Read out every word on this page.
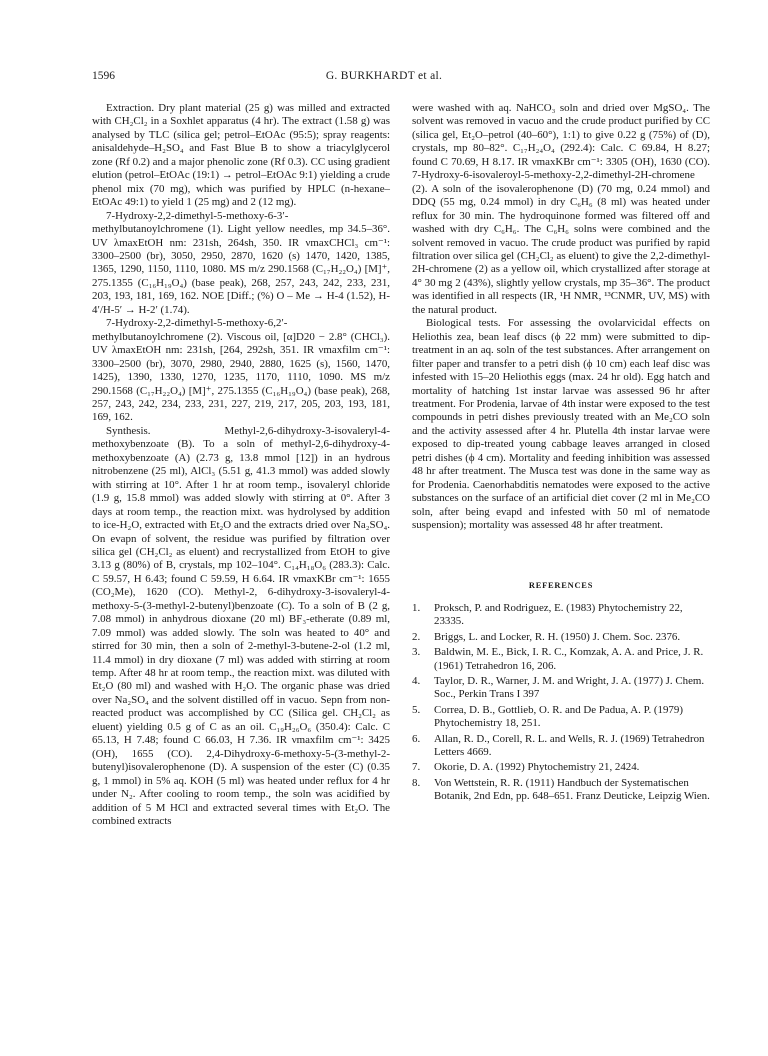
1596	G. BURKHARDT et al.

Extraction. Dry plant material (25 g) was milled and extracted with CH₂Cl₂ in a Soxhlet apparatus (4 hr). The extract (1.58 g) was analysed by TLC (silica gel; petrol–EtOAc (95:5); spray reagents: anisaldehyde–H₂SO₄ and Fast Blue B to show a triacylglycerol zone (Rf 0.2) and a major phenolic zone (Rf 0.3). CC using gradient elution (petrol–EtOAc (19:1) → petrol–EtOAc 9:1) yielding a crude phenol mix (70 mg), which was purified by HPLC (n-hexane–EtOAc 49:1) to yield 1 (25 mg) and 2 (12 mg).

7-Hydroxy-2,2-dimethyl-5-methoxy-6-3′-methylbutanoylchromene (1). Light yellow needles, mp 34.5–36°. UV λmaxEtOH nm: 231sh, 264sh, 350. IR νmaxCHCl₃ cm⁻¹: 3300–2500 (br), 3050, 2950, 2870, 1620 (s) 1470, 1420, 1385, 1365, 1290, 1150, 1110, 1080. MS m/z 290.1568 (C₁₇H₂₂O₄) [M]⁺, 275.1355 (C₁₆H₁₉O₄) (base peak), 268, 257, 243, 242, 233, 231, 203, 193, 181, 169, 162. NOE [Diff.; (%) O – Me → H-4 (1.52), H-4′/H-5′ → H-2′ (1.74).

7-Hydroxy-2,2-dimethyl-5-methoxy-6,2′-methylbutanoylchromene (2). Viscous oil, [α]D20 − 2.8° (CHCl₃). UV λmaxEtOH nm: 231sh, [264, 292sh, 351. IR νmaxfilm cm⁻¹: 3300–2500 (br), 3070, 2980, 2940, 2880, 1625 (s), 1560, 1470, 1425), 1390, 1330, 1270, 1235, 1170, 1110, 1090. MS m/z 290.1568 (C₁₇H₂₂O₄) [M]⁺, 275.1355 (C₁₆H₁₉O₄) (base peak), 268, 257, 243, 242, 234, 233, 231, 227, 219, 217, 205, 203, 193, 181, 169, 162.

Synthesis. Methyl-2,6-dihydroxy-3-isovaleryl-4-methoxybenzoate (B). To a soln of methyl-2,6-dihydroxy-4-methoxybenzoate (A) (2.73 g, 13.8 mmol [12]) in an hydrous nitrobenzene (25 ml), AlCl₃ (5.51 g, 41.3 mmol) was added slowly with stirring at 10°. After 1 hr at room temp., isovaleryl chloride (1.9 g, 15.8 mmol) was added slowly with stirring at 0°. After 3 days at room temp., the reaction mixt. was hydrolysed by addition to ice-H₂O, extracted with Et₂O and the extracts dried over Na₂SO₄. On evapn of solvent, the residue was purified by filtration over silica gel (CH₂Cl₂ as eluent) and recrystallized from EtOH to give 3.13 g (80%) of B, crystals, mp 102–104°. C₁₄H₁₈O₆ (283.3): Calc. C 59.57, H 6.43; found C 59.59, H 6.64. IR νmaxKBr cm⁻¹: 1655 (CO₂Me), 1620 (CO). Methyl-2, 6-dihydroxy-3-isovaleryl-4-methoxy-5-(3-methyl-2-butenyl)benzoate (C). To a soln of B (2 g, 7.08 mmol) in anhydrous dioxane (20 ml) BF₃-etherate (0.89 ml, 7.09 mmol) was added slowly. The soln was heated to 40° and stirred for 30 min, then a soln of 2-methyl-3-butene-2-ol (1.2 ml, 11.4 mmol) in dry dioxane (7 ml) was added with stirring at room temp. After 48 hr at room temp., the reaction mixt. was diluted with Et₂O (80 ml) and washed with H₂O. The organic phase was dried over Na₂SO₄ and the solvent distilled off in vacuo. Sepn from non-reacted product was accomplished by CC (Silica gel. CH₂Cl₂ as eluent) yielding 0.5 g of C as an oil. C₁₉H₂₆O₆ (350.4): Calc. C 65.13, H 7.48; found C 66.03, H 7.36. IR νmaxfilm cm⁻¹: 3425 (OH), 1655 (CO). 2,4-Dihydroxy-6-methoxy-5-(3-methyl-2-butenyl)isovalerophenone (D). A suspension of the ester (C) (0.35 g, 1 mmol) in 5% aq. KOH (5 ml) was heated under reflux for 4 hr under N₂. After cooling to room temp., the soln was acidified by addition of 5 M HCl and extracted several times with Et₂O. The combined extracts

were washed with aq. NaHCO₃ soln and dried over MgSO₄. The solvent was removed in vacuo and the crude product purified by CC (silica gel, Et₂O–petrol (40–60°), 1:1) to give 0.22 g (75%) of (D), crystals, mp 80–82°. C₁₇H₂₄O₄ (292.4): Calc. C 69.84, H 8.27; found C 70.69, H 8.17. IR νmaxKBr cm⁻¹: 3305 (OH), 1630 (CO). 7-Hydroxy-6-isovaleroyl-5-methoxy-2,2-dimethyl-2H-chromene (2). A soln of the isovalerophenone (D) (70 mg, 0.24 mmol) and DDQ (55 mg, 0.24 mmol) in dry C₆H₆ (8 ml) was heated under reflux for 30 min. The hydroquinone formed was filtered off and washed with dry C₆H₆. The C₆H₆ solns were combined and the solvent removed in vacuo. The crude product was purified by rapid filtration over silica gel (CH₂Cl₂ as eluent) to give the 2,2-dimethyl-2H-chromene (2) as a yellow oil, which crystallized after storage at 4° 30 mg 2 (43%), slightly yellow crystals, mp 35–36°. The product was identified in all respects (IR, ¹H NMR, ¹³CNMR, UV, MS) with the natural product.

Biological tests. For assessing the ovolarvicidal effects on Heliothis zea, bean leaf discs (ϕ 22 mm) were submitted to dip-treatment in an aq. soln of the test substances. After arrangement on filter paper and transfer to a petri dish (ϕ 10 cm) each leaf disc was infested with 15–20 Heliothis eggs (max. 24 hr old). Egg hatch and mortality of hatching 1st instar larvae was assessed 96 hr after treatment. For Prodenia, larvae of 4th instar were exposed to the test compounds in petri dishes previously treated with an Me₂CO soln and the activity assessed after 4 hr. Plutella 4th instar larvae were exposed to dip-treated young cabbage leaves arranged in closed petri dishes (ϕ 4 cm). Mortality and feeding inhibition was assessed 48 hr after treatment. The Musca test was done in the same way as for Prodenia. Caenorhabditis nematodes were exposed to the active substances on the surface of an artificial diet cover (2 ml in Me₂CO soln, after being evapd and infested with 50 ml of nematode suspension); mortality was assessed 48 hr after treatment.

REFERENCES
1.	Proksch, P. and Rodriguez, E. (1983) Phytochemistry 22, 23335.
2.	Briggs, L. and Locker, R. H. (1950) J. Chem. Soc. 2376.
3.	Baldwin, M. E., Bick, I. R. C., Komzak, A. A. and Price, J. R. (1961) Tetrahedron 16, 206.
4.	Taylor, D. R., Warner, J. M. and Wright, J. A. (1977) J. Chem. Soc., Perkin Trans I 397
5.	Correa, D. B., Gottlieb, O. R. and De Padua, A. P. (1979) Phytochemistry 18, 251.
6.	Allan, R. D., Corell, R. L. and Wells, R. J. (1969) Tetrahedron Letters 4669.
7.	Okorie, D. A. (1992) Phytochemistry 21, 2424.
8.	Von Wettstein, R. R. (1911) Handbuch der Systematischen Botanik, 2nd Edn, pp. 648–651. Franz Deuticke, Leipzig Wien.
